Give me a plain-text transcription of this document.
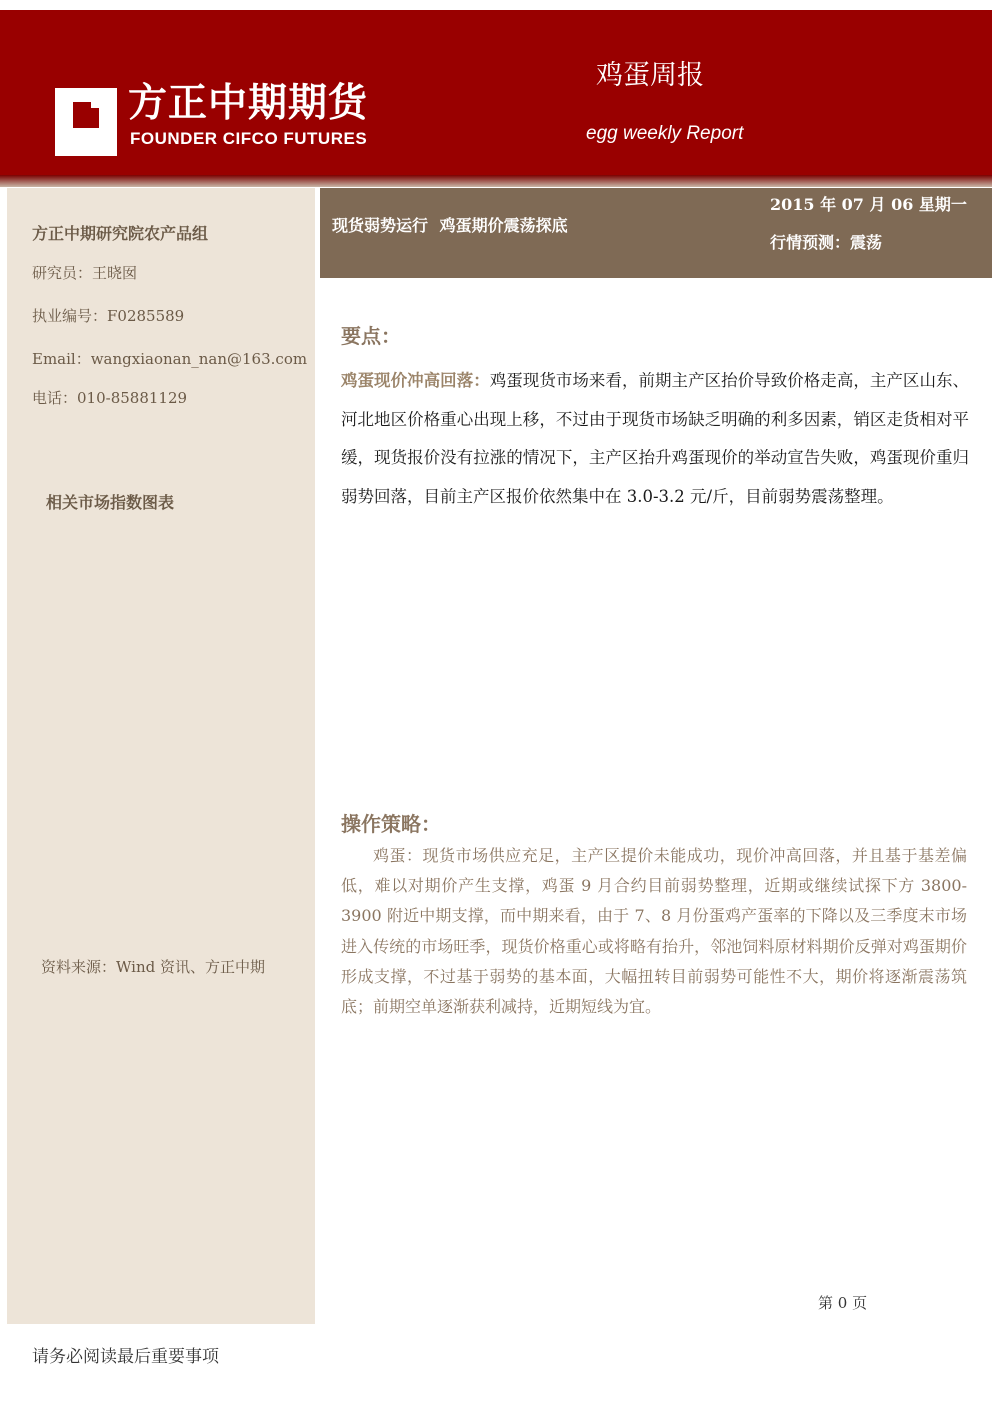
方正中期期货
FOUNDER CIFCO FUTURES
鸡蛋周报
egg weekly Report
方正中期研究院农产品组
研究员：王晓囡
执业编号：F0285589
Email：wangxiaonan_nan@163.com
电话：010-85881129
相关市场指数图表
资料来源：Wind 资讯、方正中期
现货弱势运行 鸡蛋期价震荡探底
2015 年 07 月 06 星期一
行情预测：震荡
要点：
鸡蛋现价冲高回落：鸡蛋现货市场来看，前期主产区抬价导致价格走高，主产区山东、河北地区价格重心出现上移，不过由于现货市场缺乏明确的利多因素，销区走货相对平缓，现货报价没有拉涨的情况下，主产区抬升鸡蛋现价的举动宣告失败，鸡蛋现价重归弱势回落，目前主产区报价依然集中在 3.0-3.2 元/斤，目前弱势震荡整理。
操作策略：
鸡蛋：现货市场供应充足，主产区提价未能成功，现价冲高回落，并且基于基差偏低，难以对期价产生支撑，鸡蛋 9 月合约目前弱势整理，近期或继续试探下方 3800-3900 附近中期支撑，而中期来看，由于 7、8 月份蛋鸡产蛋率的下降以及三季度末市场进入传统的市场旺季，现货价格重心或将略有抬升，邻池饲料原材料期价反弹对鸡蛋期价形成支撑，不过基于弱势的基本面，大幅扭转目前弱势可能性不大，期价将逐渐震荡筑底；前期空单逐渐获利减持，近期短线为宜。
第 0 页
请务必阅读最后重要事项
